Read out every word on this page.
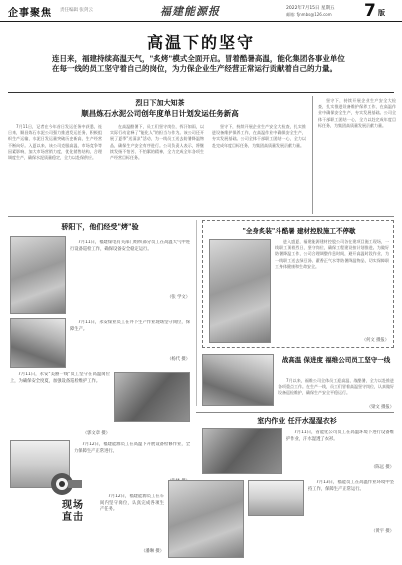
企事聚焦 责任编辑 张剑云	福建能源报	2022年7月15日 星期五
邮箱: fjnmbs@126.com 7 版
高温下的坚守
连日来，福建持续高温天气，"炙烤"模式全面开启。冒着酷暑高温，能化集团各事业单位在每一线的员工坚守着自己的岗位，为力保企业生产经营正常运行贡献着自己的力量。
烈日下加大知茶
顺昌炼石水泥公司创年度单日计划发运任务新高
7月11日，记者在今年首日发运任务中获悉，连日来，顺昌炼石水泥公司强力推进发运任务，积极组织生产运输，水泥日发运量突破历史新高，生产经营不断向好。入夏以来，该公司克服高温、市场竞争等因素影响，加大市场营销力度，优化销售结构，合理调度生产，确保水泥质量稳定，全力以赴保供应。
在高温酷暑下，员工们坚守岗位，挥汗如雨，以实际行动诠释了"能化人"的担当与作为。该公司还开展了夏季"送清凉"活动，为一线员工送去防暑降温物品，确保生产安全有序进行。公司负责人表示，将继续发扬不怕苦、不怕累的精神，全力完成全年各项生产经营目标任务。
坚守下，持续开展企业生产安全大检查，扎实推进设备维护保养工作，在高温作业中确保安全生产，夯实发展基础。公司全体干部职工团结一心，全力以赴完成年度目标任务，为集团高质量发展贡献力量。
坚守下，持续开展企业生产安全大检查，扎实推进设备维护保养工作，在高温作业中确保安全生产，夯实发展基础。公司全体干部职工团结一心，全力以赴完成年度目标任务，为集团高质量发展贡献力量。
骄阳下，他们经受"烤"验
7月11日，福建煤电有关部门组织部分员工在高温天气中进行设备巡检工作，确保设备安全稳定运行。
（张 学文）
7月11日，永安煤业员工在井下生产作业现场坚守岗位，保障生产。
（杨代 摄）
7月11日，永安"美丽一线"员工坚守在高温岗位上，为确保安全度夏，加强设备巡检维护工作。
（郭文章 摄）
7月12日，福建能源员工在高温下开展设备检修作业，全力保障生产正常进行。
"全身炙装"斗酷暑 建材控股施工不停歇
进入盛夏，福建能源建材控股公司各在建项目施工现场，一线职工顶着烈日，坚守岗位，确保工程建设按计划推进。为做好防暑降温工作，公司合理调整作息时间，避开高温时段作业，为一线职工送去绿豆汤、藿香正气水等防暑降温物品，切实保障职工身体健康和生命安全。
（何文 摄报）
战高温 保进度 福维公司员工坚守一线
7月以来，福维公司全体员工迎高温、战酷暑，全力以赴推进各项重点工作。在生产一线，员工们冒着高温坚守岗位，认真做好设备巡检维护，确保生产安全平稳运行。
（梁文 摄报）
室内作业 任汗水湿湿衣衫
7月11日，省能化公司员工在高温环境下进行设备维护作业，汗水湿透了衣衫。
（陈远 摄）
7月12日，福建能源员工在车间内坚守岗位，认真完成各项生产任务。
（潘琳 摄）
7月13日，福能员工在高温作业环境中坚持工作，保障生产正常运行。
（黄宇 摄）
现场
直击
